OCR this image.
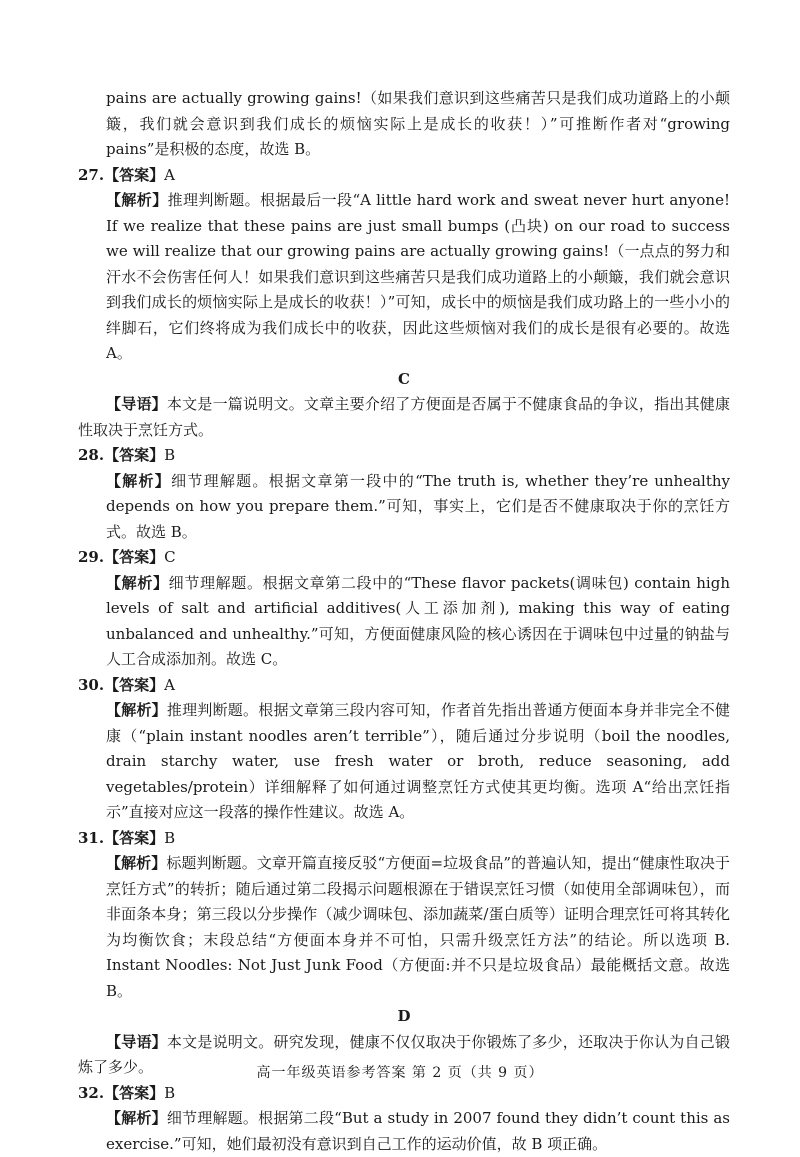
pains are actually growing gains!（如果我们意识到这些痛苦只是我们成功道路上的小颠簸，我们就会意识到我们成长的烦恼实际上是成长的收获！）”可推断作者对“growing pains”是积极的态度，故选 B。

27.【答案】A

【解析】推理判断题。根据最后一段“A little hard work and sweat never hurt anyone! If we realize that these pains are just small bumps (凸块) on our road to success we will realize that our growing pains are actually growing gains!（一点点的努力和汗水不会伤害任何人！如果我们意识到这些痛苦只是我们成功道路上的小颠簸，我们就会意识到我们成长的烦恼实际上是成长的收获！）”可知，成长中的烦恼是我们成功路上的一些小小的绊脚石，它们终将成为我们成长中的收获，因此这些烦恼对我们的成长是很有必要的。故选 A。

C

【导语】本文是一篇说明文。文章主要介绍了方便面是否属于不健康食品的争议，指出其健康性取决于烹饪方式。

28.【答案】B

【解析】细节理解题。根据文章第一段中的“The truth is, whether they’re unhealthy depends on how you prepare them.”可知，事实上，它们是否不健康取决于你的烹饪方式。故选 B。

29.【答案】C

【解析】细节理解题。根据文章第二段中的“These flavor packets(调味包) contain high levels of salt and artificial additives(人工添加剂), making this way of eating unbalanced and unhealthy.”可知，方便面健康风险的核心诱因在于调味包中过量的钠盐与人工合成添加剂。故选 C。

30.【答案】A

【解析】推理判断题。根据文章第三段内容可知，作者首先指出普通方便面本身并非完全不健康（“plain instant noodles aren’t terrible”），随后通过分步说明（boil the noodles, drain starchy water, use fresh water or broth, reduce seasoning, add vegetables/protein）详细解释了如何通过调整烹饪方式使其更均衡。选项 A“给出烹饪指示”直接对应这一段落的操作性建议。故选 A。

31.【答案】B

【解析】标题判断题。文章开篇直接反驳“方便面=垃圾食品”的普遍认知，提出“健康性取决于烹饪方式”的转折；随后通过第二段揭示问题根源在于错误烹饪习惯（如使用全部调味包），而非面条本身；第三段以分步操作（减少调味包、添加蔬菜/蛋白质等）证明合理烹饪可将其转化为均衡饮食；末段总结“方便面本身并不可怕，只需升级烹饪方法”的结论。所以选项 B. Instant Noodles: Not Just Junk Food（方便面:并不只是垃圾食品）最能概括文意。故选 B。

D

【导语】本文是说明文。研究发现，健康不仅仅取决于你锻炼了多少，还取决于你认为自己锻炼了多少。

32.【答案】B

【解析】细节理解题。根据第二段“But a study in 2007 found they didn’t count this as exercise.”可知，她们最初没有意识到自己工作的运动价值，故 B 项正确。

高一年级英语参考答案 第 2 页（共 9 页）
